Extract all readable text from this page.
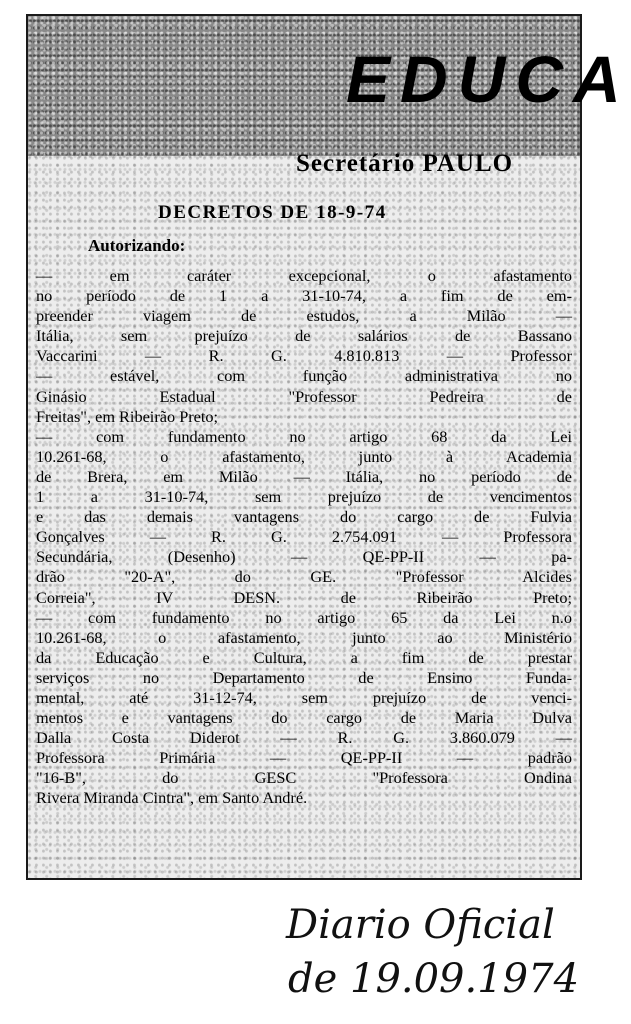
EDUCA
Secretário PAULO
DECRETOS DE 18-9-74
Autorizando:
— em caráter excepcional, o afastamento
no período de 1 a 31-10-74, a fim de em-
preender viagem de estudos, a Milão —
Itália, sem prejuízo de salários de Bassano
Vaccarini — R. G. 4.810.813 — Professor
— estável, com função administrativa no
Ginásio Estadual "Professor Pedreira de
Freitas", em Ribeirão Preto;
— com fundamento no artigo 68 da Lei
10.261-68, o afastamento, junto à Academia
de Brera, em Milão — Itália, no período de
1 a 31-10-74, sem prejuízo de vencimentos
e das demais vantagens do cargo de Fulvia
Gonçalves — R. G. 2.754.091 — Professora
Secundária, (Desenho) — QE-PP-II — pa-
drão "20-A", do GE. "Professor Alcides
Correia", IV DESN. de Ribeirão Preto;
— com fundamento no artigo 65 da Lei n.o
10.261-68, o afastamento, junto ao Ministério
da Educação e Cultura, a fim de prestar
serviços no Departamento de Ensino Funda-
mental, até 31-12-74, sem prejuízo de venci-
mentos e vantagens do cargo de Maria Dulva
Dalla Costa Diderot — R. G. 3.860.079 —
Professora Primária — QE-PP-II — padrão
"16-B", do GESC "Professora Ondina
Rivera Miranda Cintra", em Santo André.
Diario Oficial
de 19.09.1974
